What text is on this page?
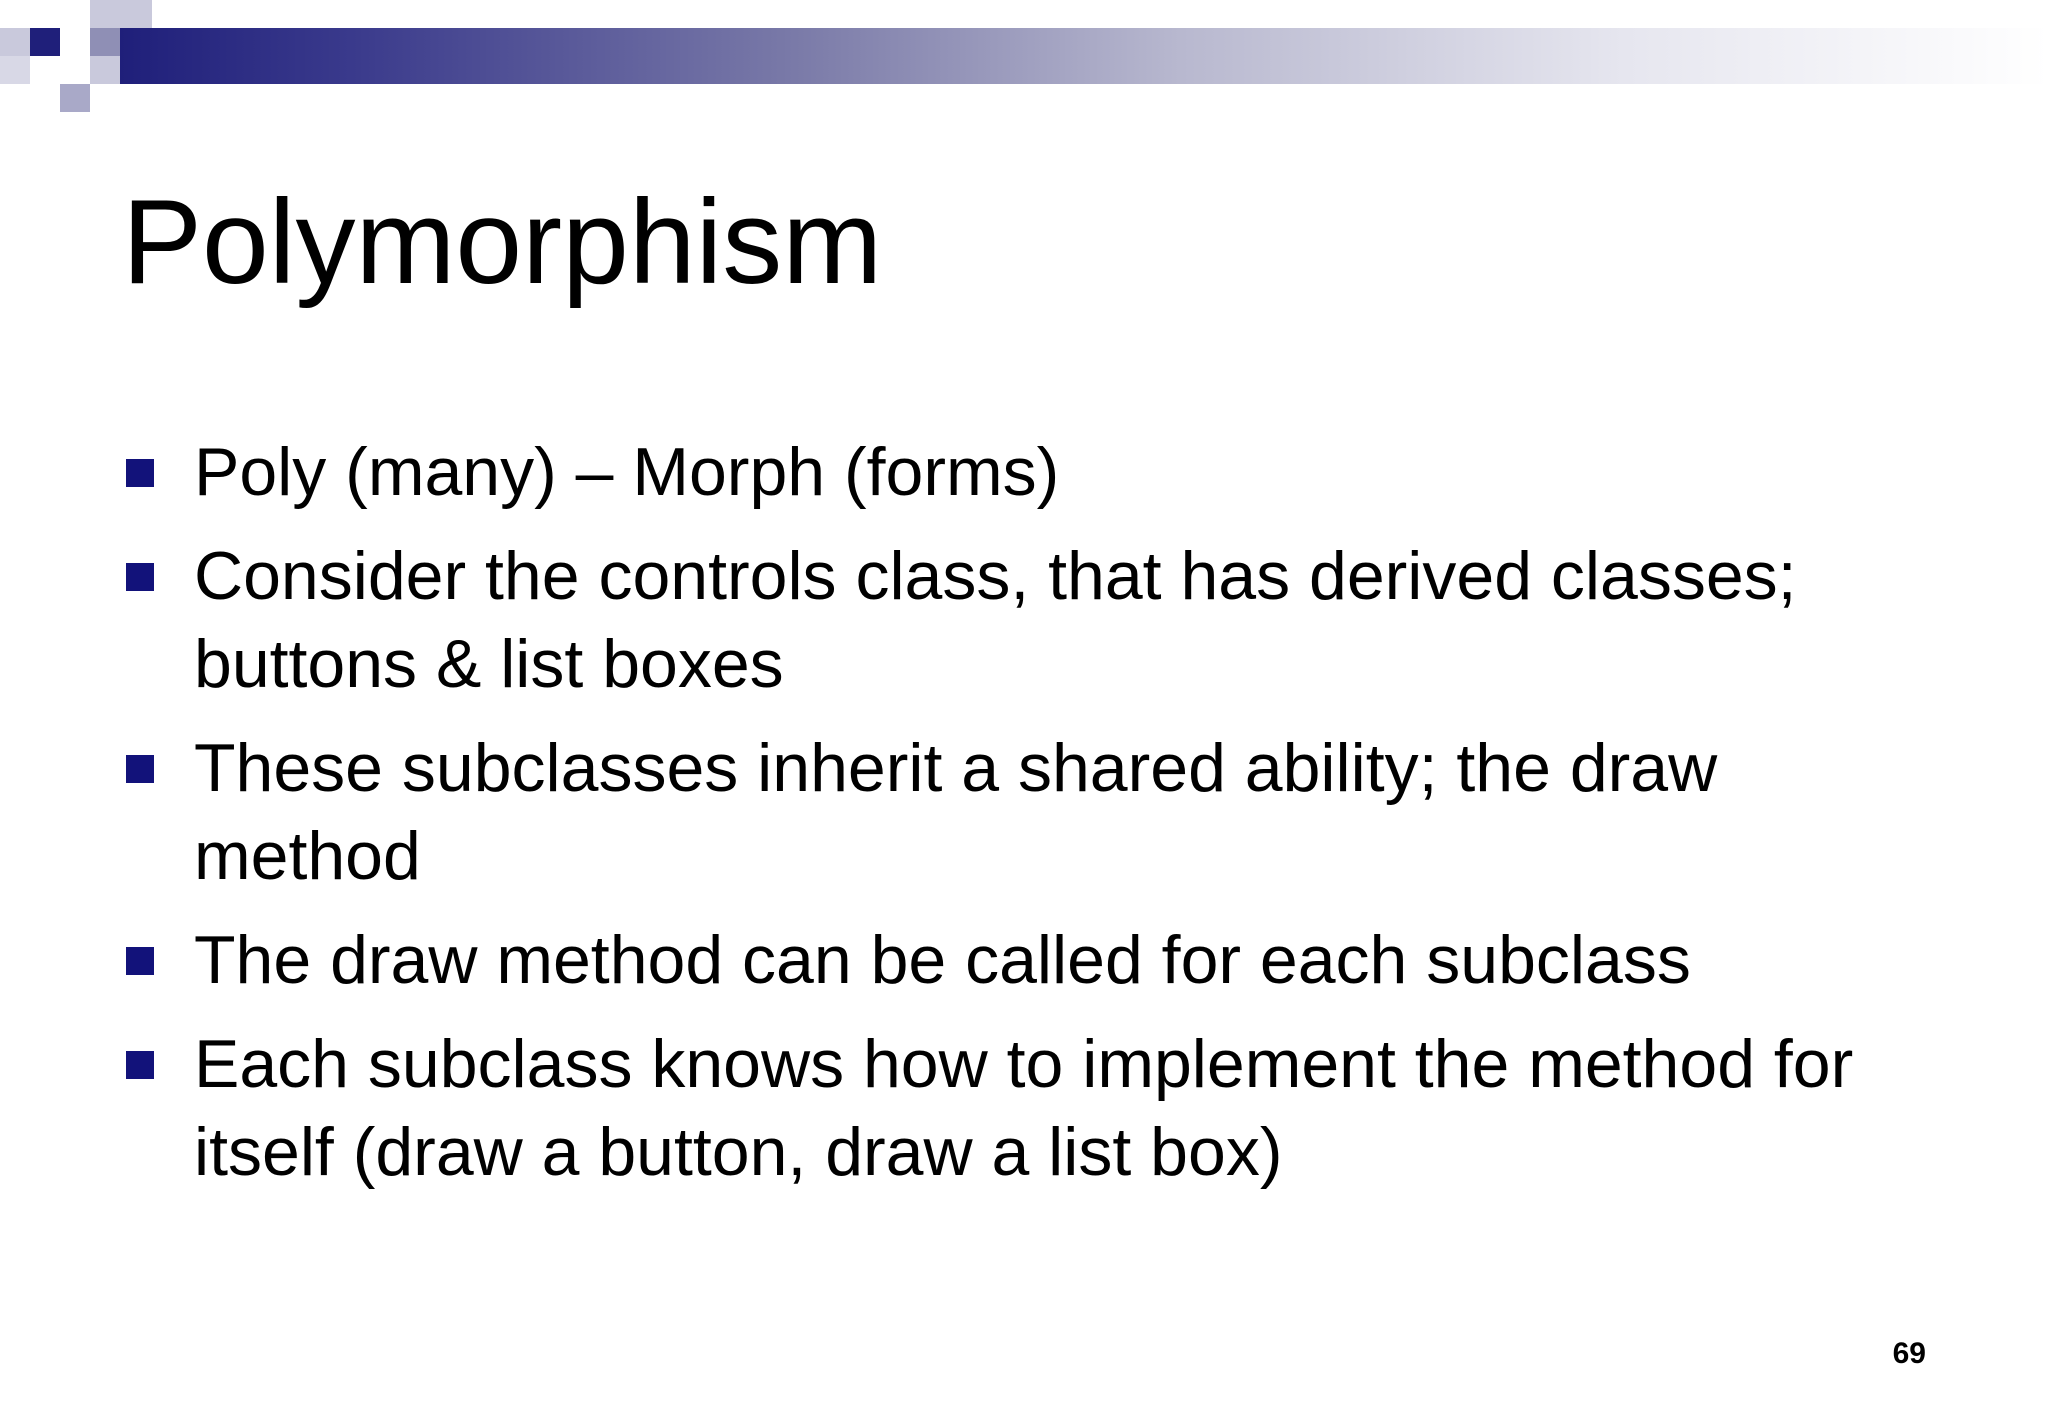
Polymorphism
Poly (many) – Morph (forms)
Consider the controls class, that has derived classes; buttons & list boxes
These subclasses inherit a shared ability; the draw method
The draw method can be called for each subclass
Each subclass knows how to implement the method for itself (draw a button, draw a list box)
69
